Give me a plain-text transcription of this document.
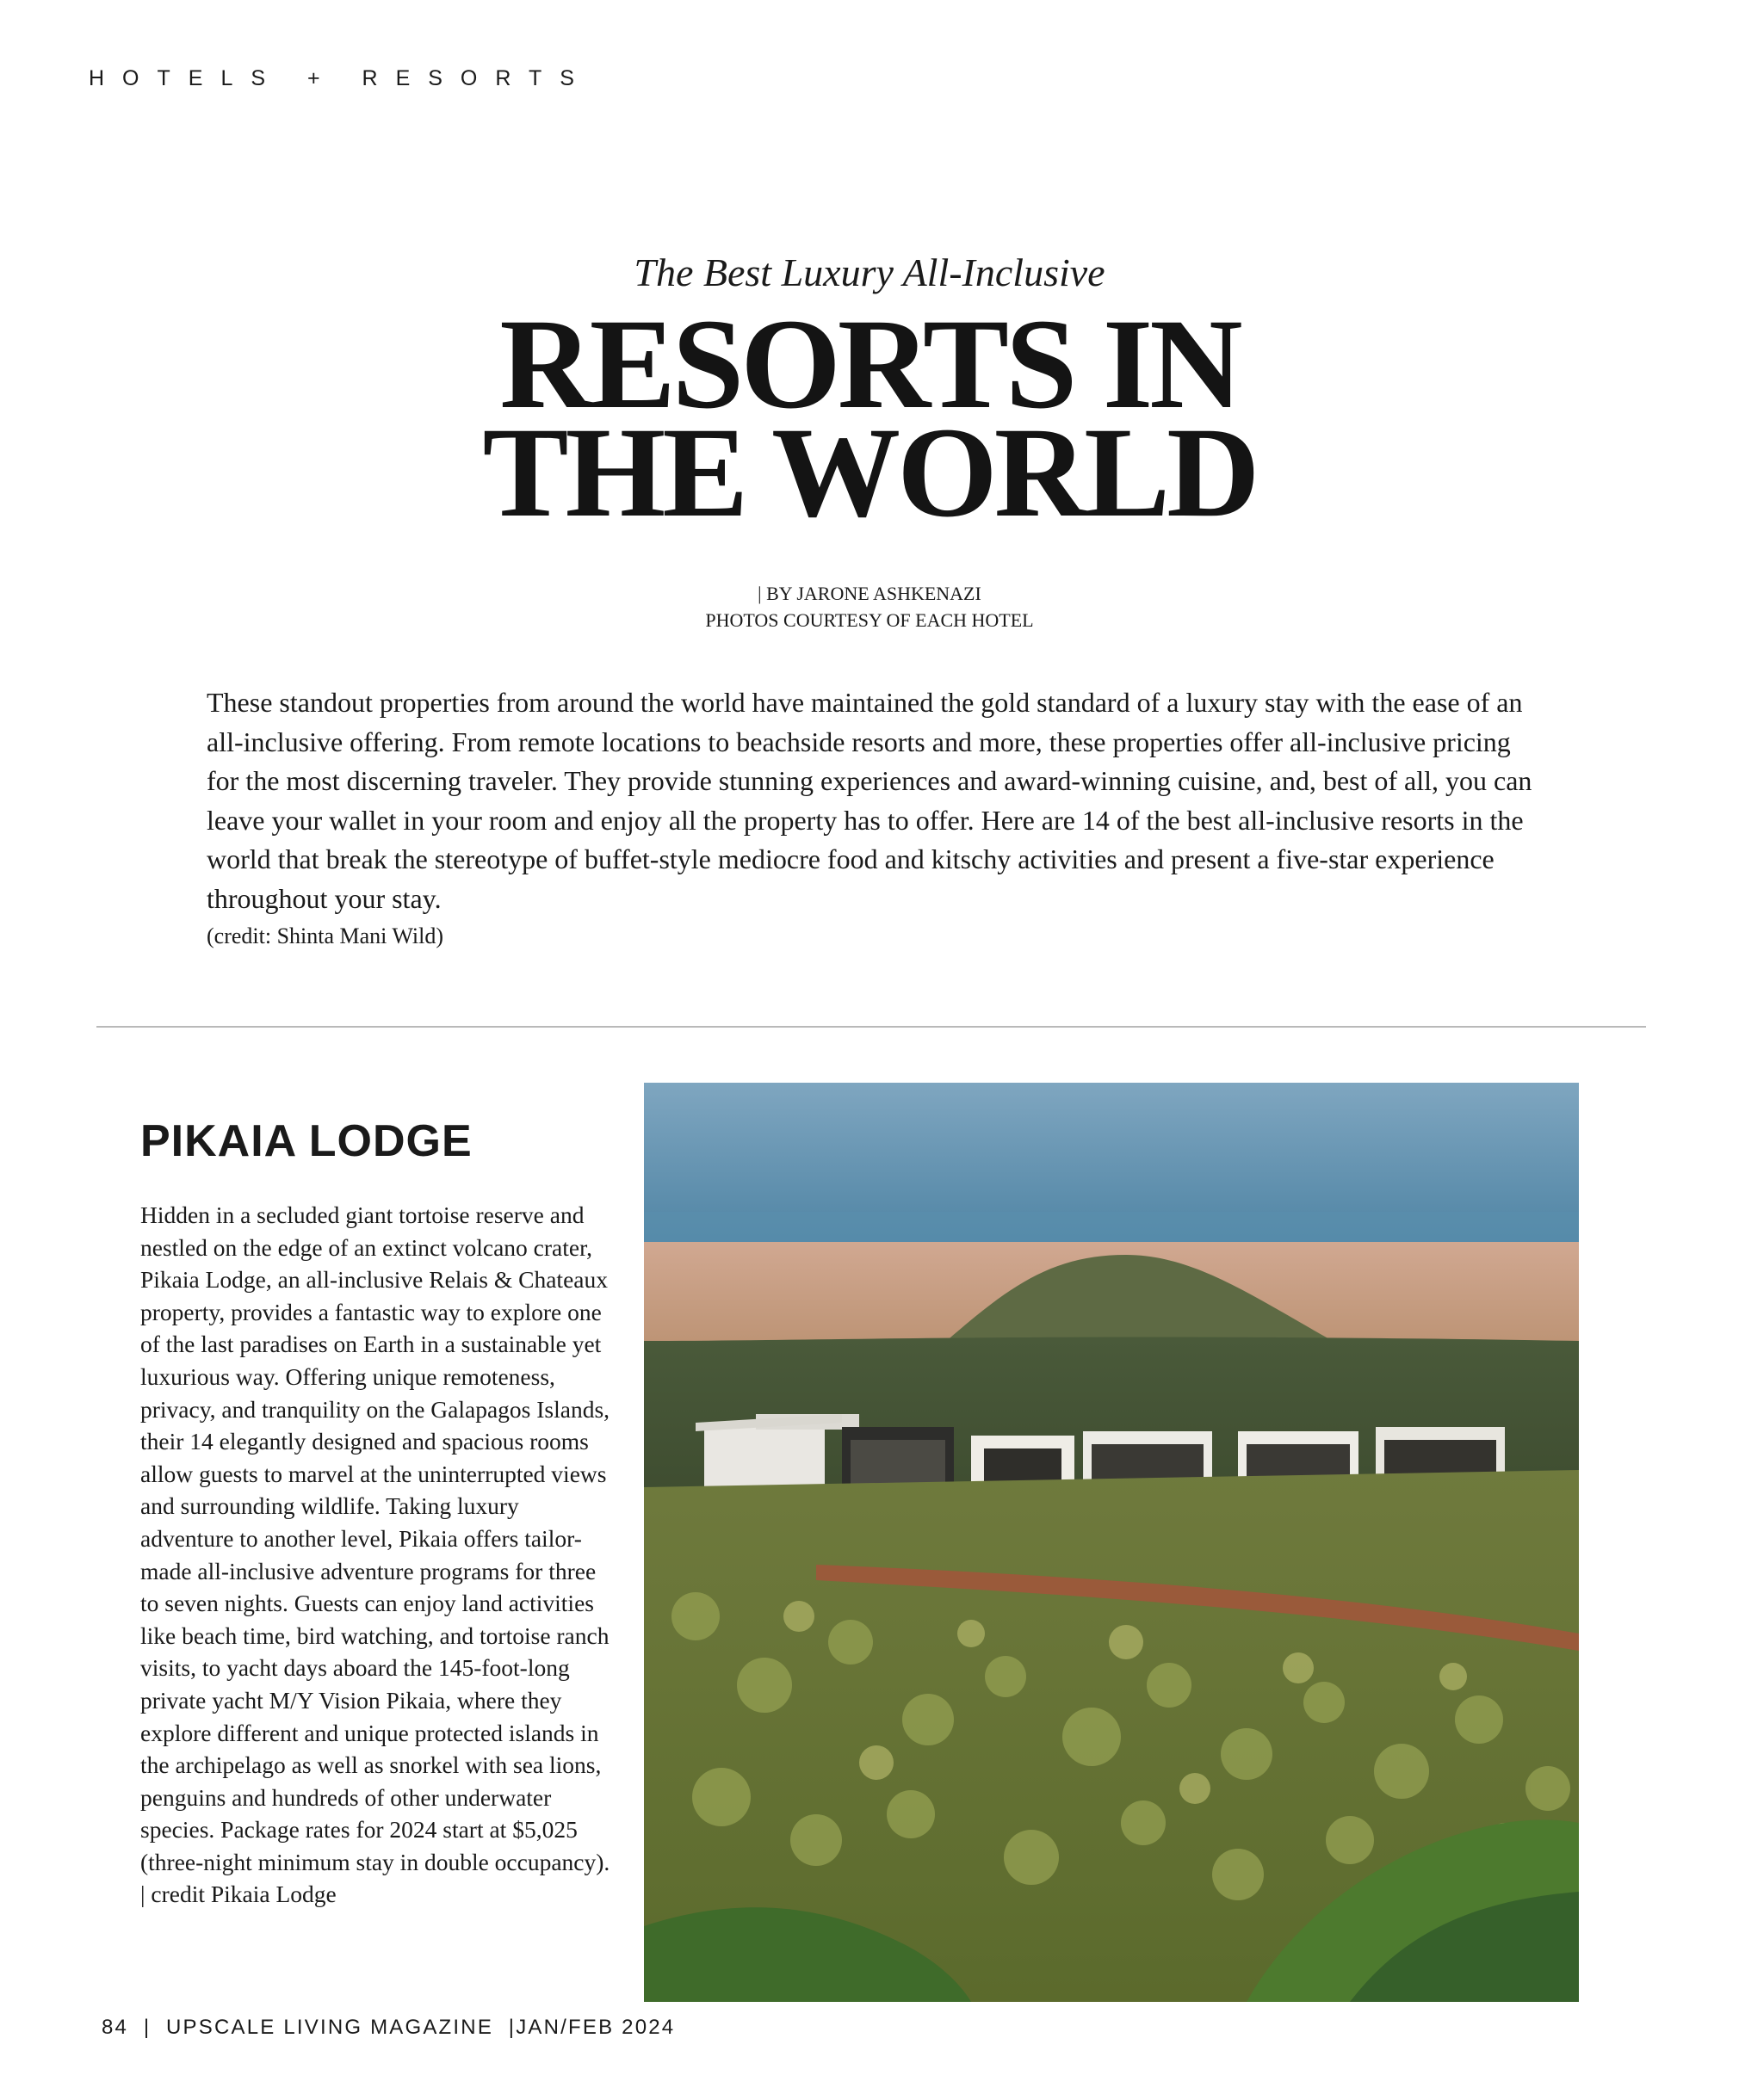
HOTELS + RESORTS
The Best Luxury All-Inclusive
RESORTS IN
THE WORLD
| BY JARONE ASHKENAZI
PHOTOS COURTESY OF EACH HOTEL

These standout properties from around the world have maintained the gold standard of a luxury stay with the ease of an all-inclusive offering. From remote locations to beachside resorts and more, these properties offer all-inclusive pricing for the most discerning traveler. They provide stunning experiences and award-winning cuisine, and, best of all, you can leave your wallet in your room and enjoy all the property has to offer. Here are 14 of the best all-inclusive resorts in the world that break the stereotype of buffet-style mediocre food and kitschy activities and present a five-star experience throughout your stay.

(credit: Shinta Mani Wild)
PIKAIA LODGE

Hidden in a secluded giant tortoise reserve and nestled on the edge of an extinct volcano crater, Pikaia Lodge, an all-inclusive Relais & Chateaux property, provides a fantastic way to explore one of the last paradises on Earth in a sustainable yet luxurious way. Offering unique remoteness, privacy, and tranquility on the Galapagos Islands, their 14 elegantly designed and spacious rooms allow guests to marvel at the uninterrupted views and surrounding wildlife. Taking luxury adventure to another level, Pikaia offers tailor-made all-inclusive adventure programs for three to seven nights. Guests can enjoy land activities like beach time, bird watching, and tortoise ranch visits, to yacht days aboard the 145-foot-long private yacht M/Y Vision Pikaia, where they explore different and unique protected islands in the archipelago as well as snorkel with sea lions, penguins and hundreds of other underwater species. Package rates for 2024 start at $5,025 (three-night minimum stay in double occupancy). | credit Pikaia Lodge

84  |  UPSCALE LIVING MAGAZINE  |JAN/FEB 2024
